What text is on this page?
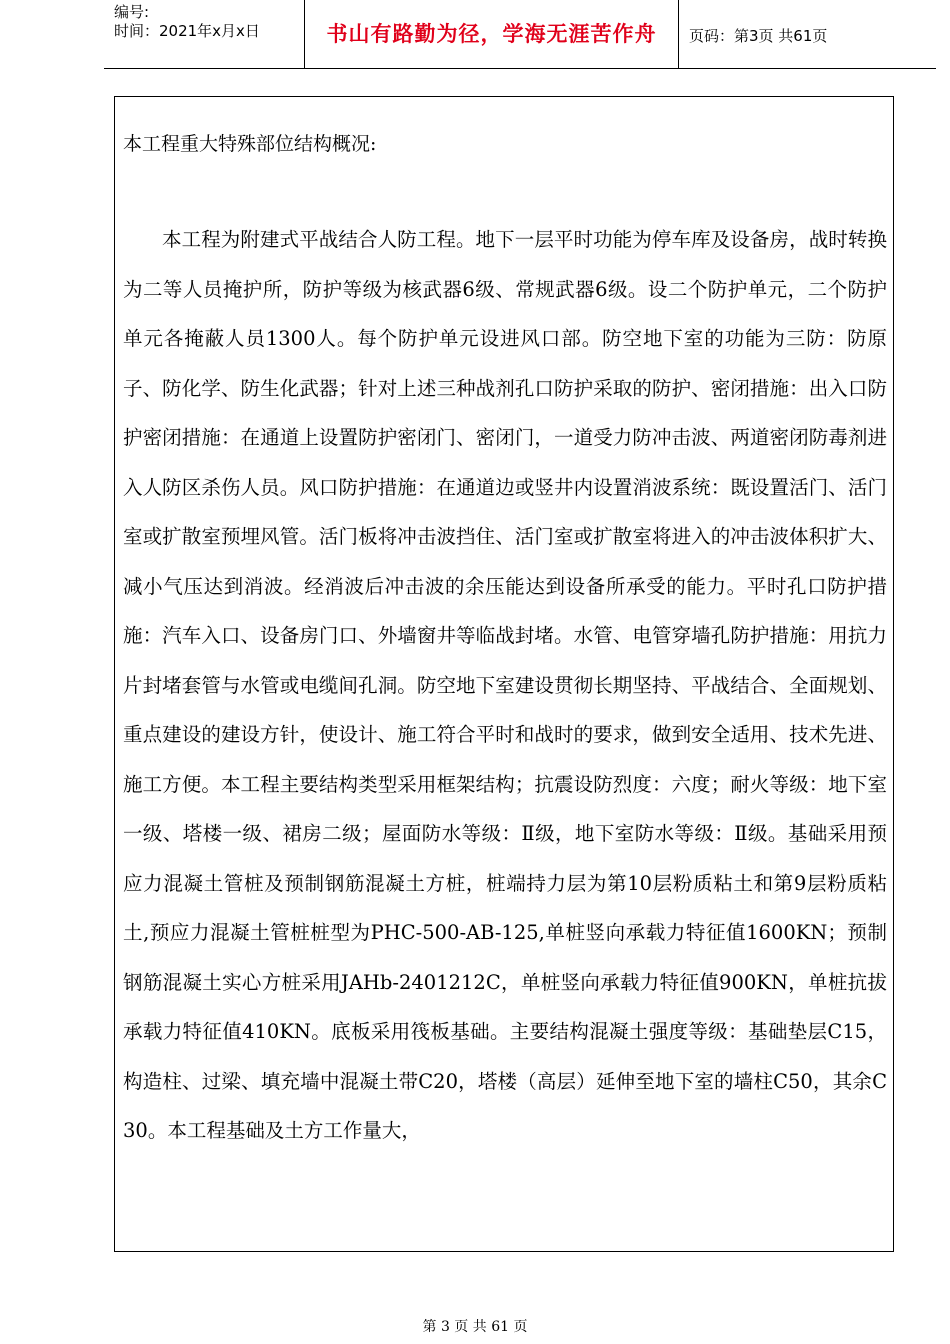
编号:
时间：2021年x月x日	书山有路勤为径，学海无涯苦作舟	页码：第3页 共61页
本工程重大特殊部位结构概况:

本工程为附建式平战结合人防工程。地下一层平时功能为停车库及设备房，战时转换为二等人员掩护所，防护等级为核武器6级、常规武器6级。设二个防护单元，二个防护单元各掩蔽人员1300人。每个防护单元设进风口部。防空地下室的功能为三防：防原子、防化学、防生化武器；针对上述三种战剂孔口防护采取的防护、密闭措施：出入口防护密闭措施：在通道上设置防护密闭门、密闭门，一道受力防冲击波、两道密闭防毒剂进入人防区杀伤人员。风口防护措施：在通道边或竖井内设置消波系统：既设置活门、活门室或扩散室预埋风管。活门板将冲击波挡住、活门室或扩散室将进入的冲击波体积扩大、减小气压达到消波。经消波后冲击波的余压能达到设备所承受的能力。平时孔口防护措施：汽车入口、设备房门口、外墙窗井等临战封堵。水管、电管穿墙孔防护措施：用抗力片封堵套管与水管或电缆间孔洞。防空地下室建设贯彻长期坚持、平战结合、全面规划、重点建设的建设方针，使设计、施工符合平时和战时的要求，做到安全适用、技术先进、施工方便。本工程主要结构类型采用框架结构；抗震设防烈度：六度；耐火等级：地下室一级、塔楼一级、裙房二级；屋面防水等级：Ⅱ级，地下室防水等级：Ⅱ级。基础采用预应力混凝土管桩及预制钢筋混凝土方桩，桩端持力层为第10层粉质粘土和第9层粉质粘土,预应力混凝土管桩桩型为PHC-500-AB-125,单桩竖向承载力特征值1600KN；预制钢筋混凝土实心方桩采用JAHb-2401212C，单桩竖向承载力特征值900KN，单桩抗拔承载力特征值410KN。底板采用筏板基础。主要结构混凝土强度等级：基础垫层C15，构造柱、过梁、填充墙中混凝土带C20，塔楼（高层）延伸至地下室的墙柱C50，其余C30。本工程基础及土方工作量大，

第 3 页 共 61 页
